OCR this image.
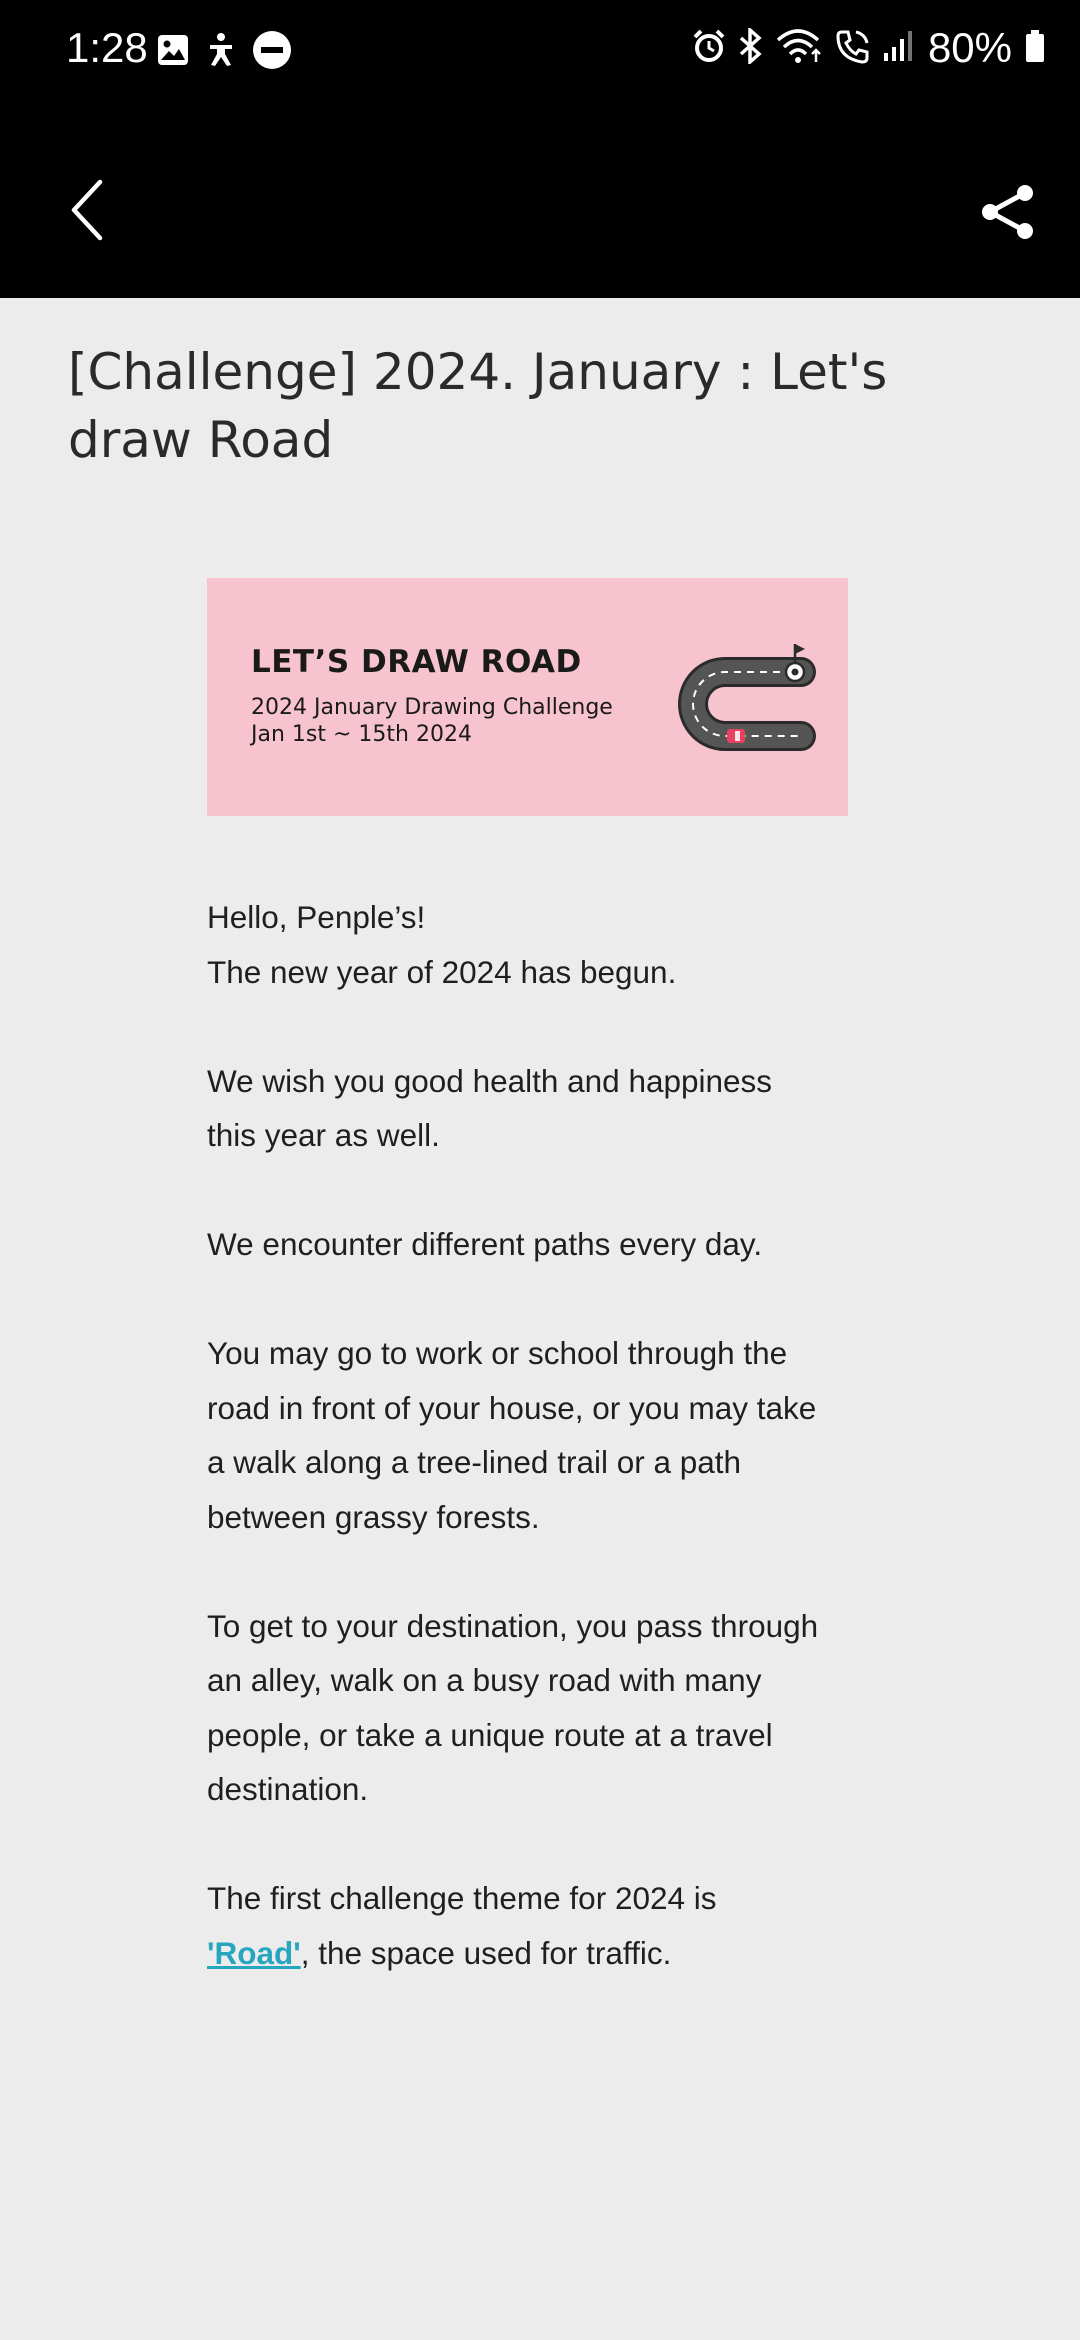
1:28	80%
[Challenge] 2024. January : Let's draw Road
LET’S DRAW ROAD
2024 January Drawing Challenge
Jan 1st ~ 15th 2024

Hello, Penple’s!
The new year of 2024 has begun.

We wish you good health and happiness this year as well.

We encounter different paths every day.

You may go to work or school through the road in front of your house, or you may take a walk along a tree-lined trail or a path between grassy forests.

To get to your destination, you pass through an alley, walk on a busy road with many people, or take a unique route at a travel destination.

The first challenge theme for 2024 is 'Road', the space used for traffic.
